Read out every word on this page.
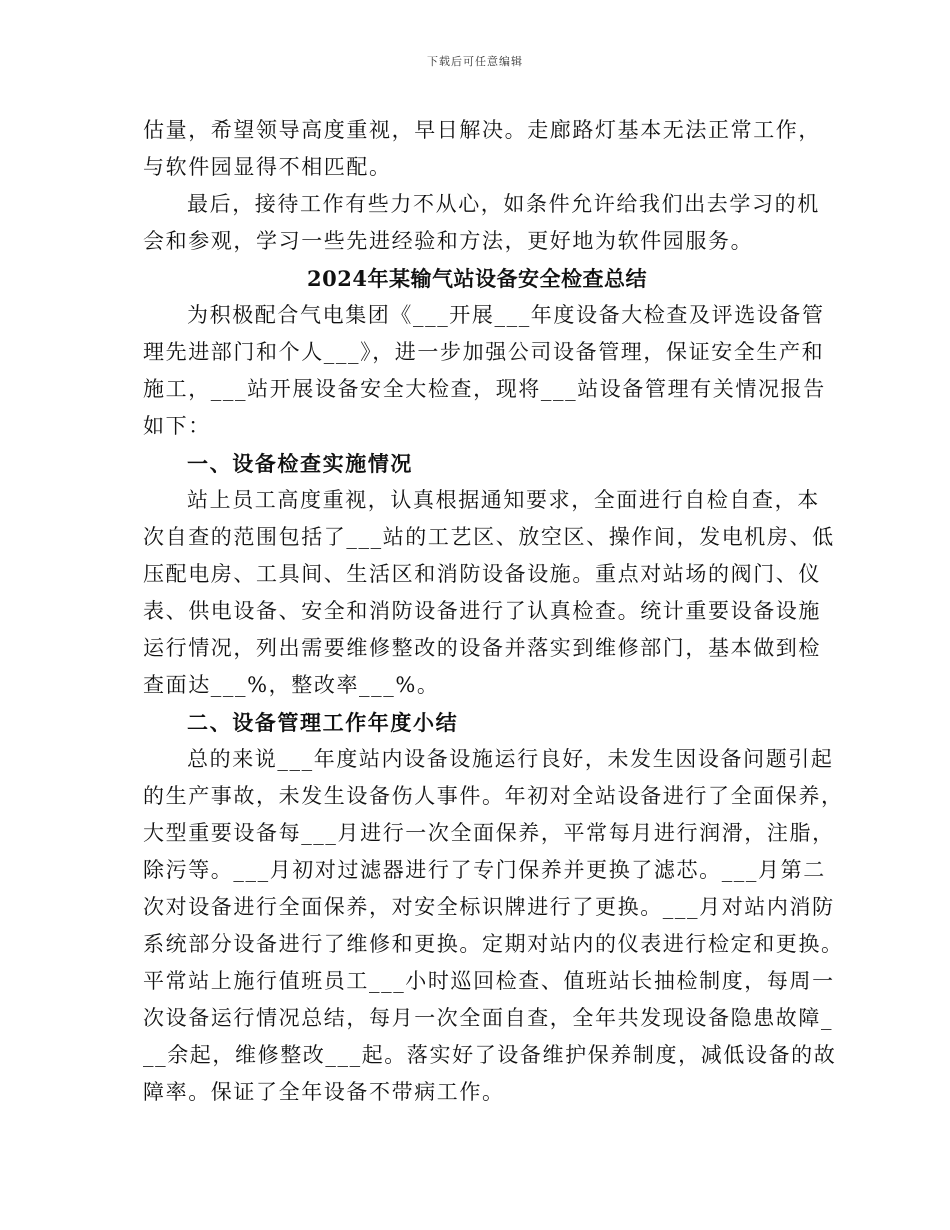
下载后可任意编辑
估量，希望领导高度重视，早日解决。走廊路灯基本无法正常工作，
与软件园显得不相匹配。
最后，接待工作有些力不从心，如条件允许给我们出去学习的机
会和参观，学习一些先进经验和方法，更好地为软件园服务。
2024年某输气站设备安全检查总结
为积极配合气电集团《___开展___年度设备大检查及评选设备管
理先进部门和个人___》，进一步加强公司设备管理，保证安全生产和
施工，___站开展设备安全大检查，现将___站设备管理有关情况报告
如下：
一、设备检查实施情况
站上员工高度重视，认真根据通知要求，全面进行自检自查，本
次自查的范围包括了___站的工艺区、放空区、操作间，发电机房、低
压配电房、工具间、生活区和消防设备设施。重点对站场的阀门、仪
表、供电设备、安全和消防设备进行了认真检查。统计重要设备设施
运行情况，列出需要维修整改的设备并落实到维修部门，基本做到检
查面达___%，整改率___%。
二、设备管理工作年度小结
总的来说___年度站内设备设施运行良好，未发生因设备问题引起
的生产事故，未发生设备伤人事件。年初对全站设备进行了全面保养，
大型重要设备每___月进行一次全面保养，平常每月进行润滑，注脂，
除污等。___月初对过滤器进行了专门保养并更换了滤芯。___月第二
次对设备进行全面保养，对安全标识牌进行了更换。___月对站内消防
系统部分设备进行了维修和更换。定期对站内的仪表进行检定和更换。
平常站上施行值班员工___小时巡回检查、值班站长抽检制度，每周一
次设备运行情况总结，每月一次全面自查，全年共发现设备隐患故障_
__余起，维修整改___起。落实好了设备维护保养制度，减低设备的故
障率。保证了全年设备不带病工作。
